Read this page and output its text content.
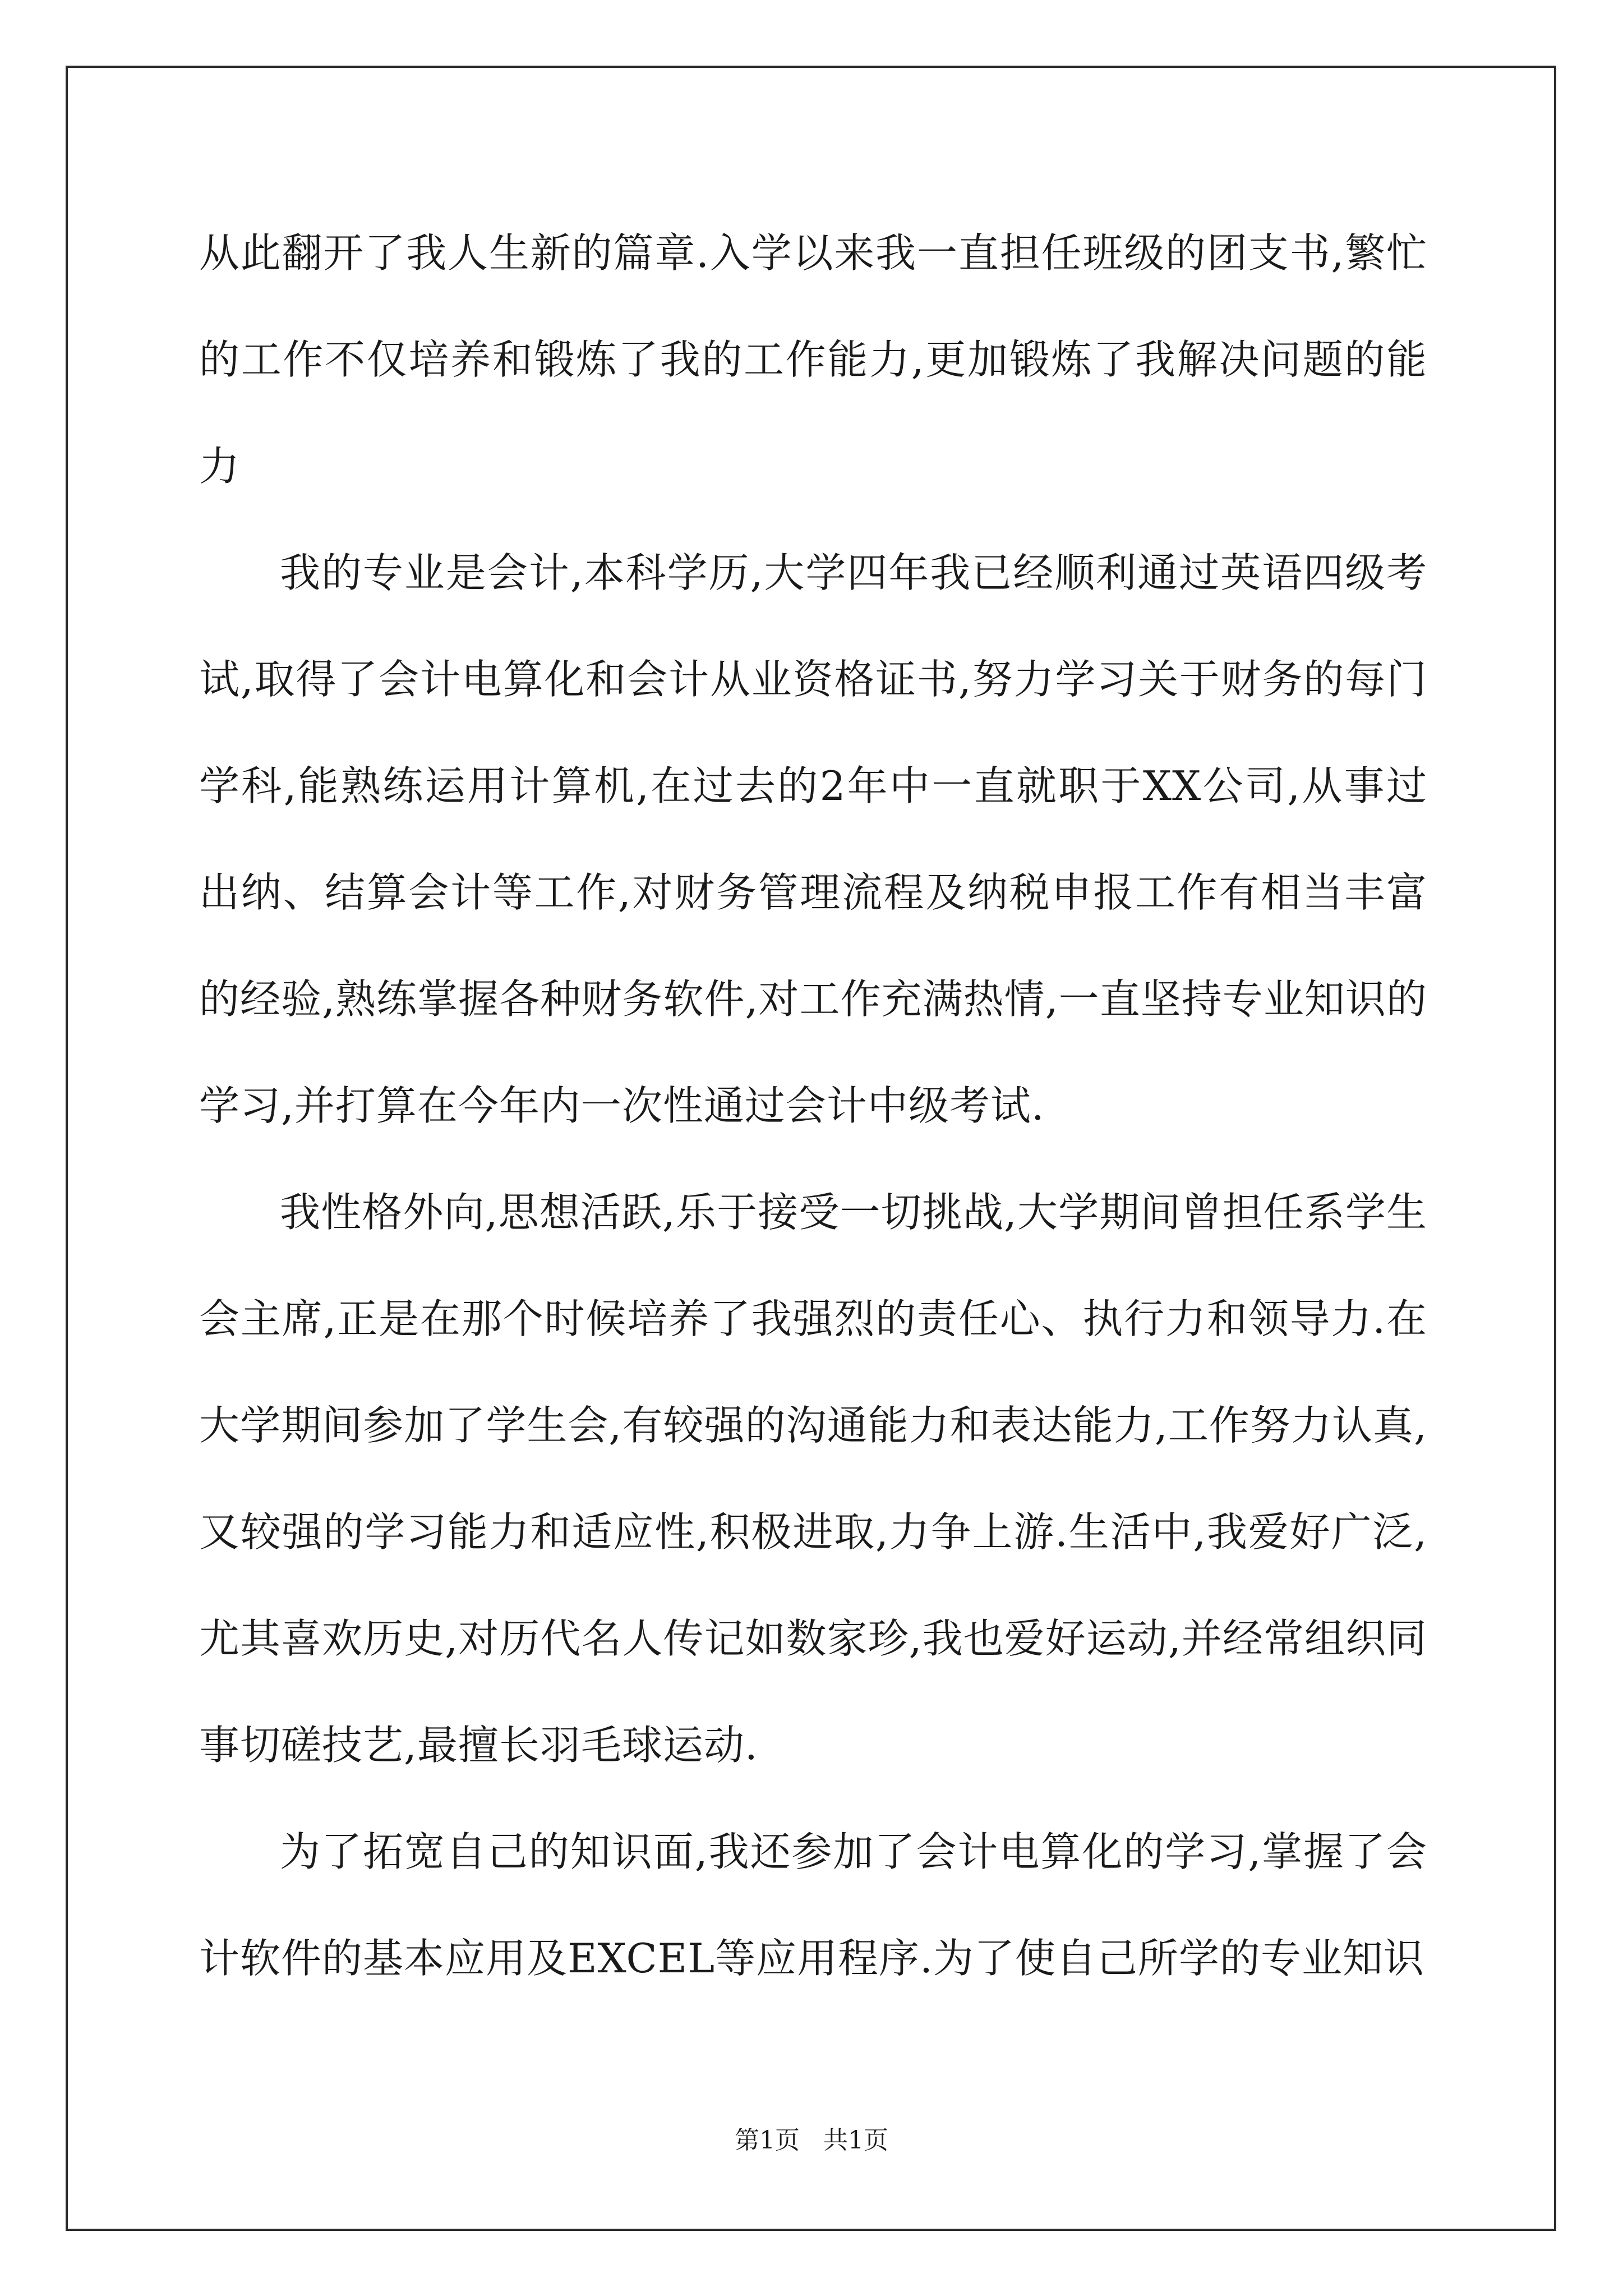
从此翻开了我人生新的篇章.入学以来我一直担任班级的团支书,繁忙的工作不仅培养和锻炼了我的工作能力,更加锻炼了我解决问题的能力

我的专业是会计,本科学历,大学四年我已经顺利通过英语四级考试,取得了会计电算化和会计从业资格证书,努力学习关于财务的每门学科,能熟练运用计算机,在过去的2年中一直就职于XX公司,从事过出纳、结算会计等工作,对财务管理流程及纳税申报工作有相当丰富的经验,熟练掌握各种财务软件,对工作充满热情,一直坚持专业知识的学习,并打算在今年内一次性通过会计中级考试.

我性格外向,思想活跃,乐于接受一切挑战,大学期间曾担任系学生会主席,正是在那个时候培养了我强烈的责任心、执行力和领导力.在大学期间参加了学生会,有较强的沟通能力和表达能力,工作努力认真,又较强的学习能力和适应性,积极进取,力争上游.生活中,我爱好广泛,尤其喜欢历史,对历代名人传记如数家珍,我也爱好运动,并经常组织同事切磋技艺,最擅长羽毛球运动.

为了拓宽自己的知识面,我还参加了会计电算化的学习,掌握了会计软件的基本应用及EXCEL等应用程序.为了使自己所学的专业知识

第1页   共1页
